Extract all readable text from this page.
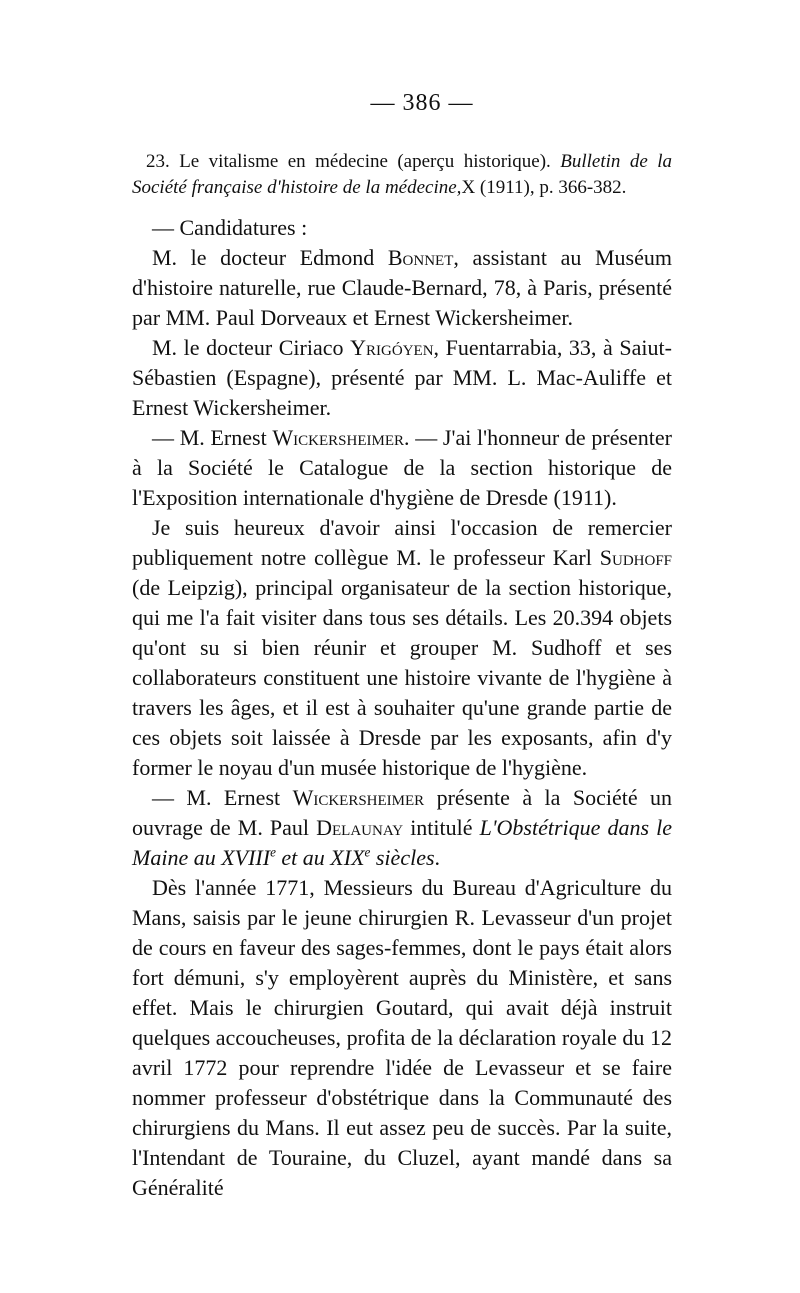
— 386 —

23. Le vitalisme en médecine (aperçu historique). Bulletin de la Société française d'histoire de la médecine,X (1911), p. 366-382.

— Candidatures :

M. le docteur Edmond Bonnet, assistant au Muséum d'histoire naturelle, rue Claude-Bernard, 78, à Paris, présenté par MM. Paul Dorveaux et Ernest Wickersheimer.

M. le docteur Ciriaco Yrigóyen, Fuentarrabia, 33, à Saiut-Sébastien (Espagne), présenté par MM. L. Mac-Auliffe et Ernest Wickersheimer.

— M. Ernest Wickersheimer. — J'ai l'honneur de présenter à la Société le Catalogue de la section historique de l'Exposition internationale d'hygiène de Dresde (1911).

Je suis heureux d'avoir ainsi l'occasion de remercier publiquement notre collègue M. le professeur Karl Sudhoff (de Leipzig), principal organisateur de la section historique, qui me l'a fait visiter dans tous ses détails. Les 20.394 objets qu'ont su si bien réunir et grouper M. Sudhoff et ses collaborateurs constituent une histoire vivante de l'hygiène à travers les âges, et il est à souhaiter qu'une grande partie de ces objets soit laissée à Dresde par les exposants, afin d'y former le noyau d'un musée historique de l'hygiène.

— M. Ernest Wickersheimer présente à la Société un ouvrage de M. Paul Delaunay intitulé L'Obstétrique dans le Maine au XVIIIe et au XIXe siècles.

Dès l'année 1771, Messieurs du Bureau d'Agriculture du Mans, saisis par le jeune chirurgien R. Levasseur d'un projet de cours en faveur des sages-femmes, dont le pays était alors fort démuni, s'y employèrent auprès du Ministère, et sans effet. Mais le chirurgien Goutard, qui avait déjà instruit quelques accoucheuses, profita de la déclaration royale du 12 avril 1772 pour reprendre l'idée de Levasseur et se faire nommer professeur d'obstétrique dans la Communauté des chirurgiens du Mans. Il eut assez peu de succès. Par la suite, l'Intendant de Touraine, du Cluzel, ayant mandé dans sa Généralité
